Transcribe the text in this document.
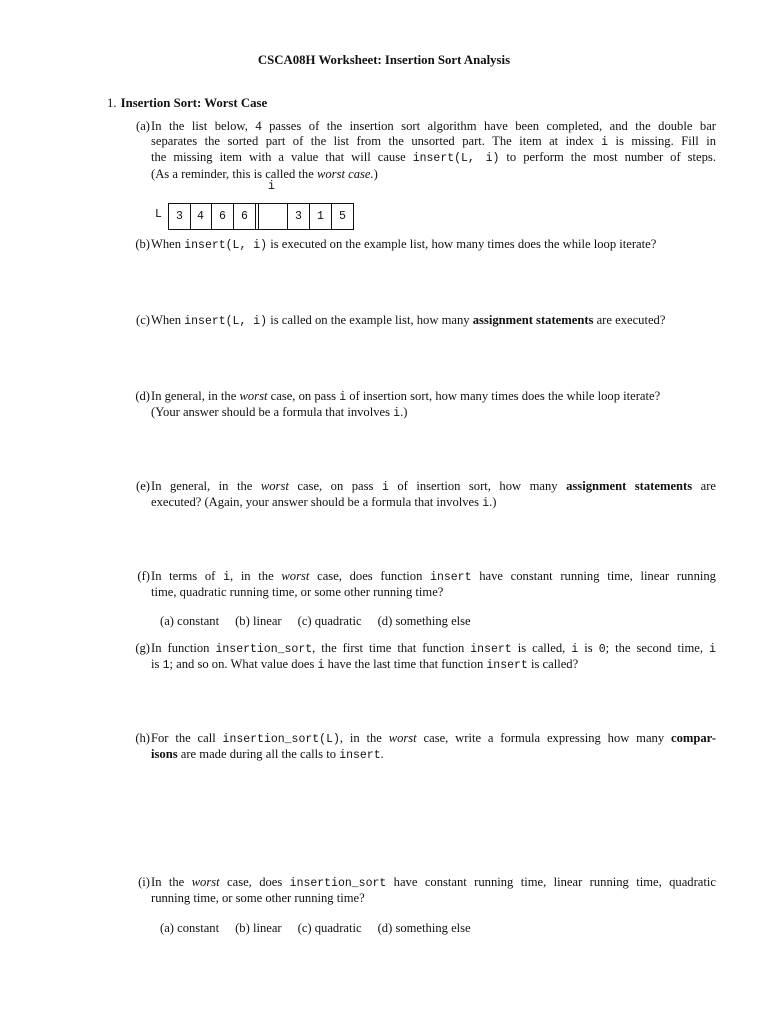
CSCA08H Worksheet: Insertion Sort Analysis
1. Insertion Sort: Worst Case
(a) In the list below, 4 passes of the insertion sort algorithm have been completed, and the double bar
separates the sorted part of the list from the unsorted part. The item at index i is missing. Fill in
the missing item with a value that will cause insert(L, i) to perform the most number of steps.
(As a reminder, this is called the worst case.)
i
L	3	4	6	6	3	1	5
(b) When insert(L, i) is executed on the example list, how many times does the while loop iterate?
(c) When insert(L, i) is called on the example list, how many assignment statements are executed?
(d) In general, in the worst case, on pass i of insertion sort, how many times does the while loop iterate?
(Your answer should be a formula that involves i.)
(e) In general, in the worst case, on pass i of insertion sort, how many assignment statements are
executed? (Again, your answer should be a formula that involves i.)
(f) In terms of i, in the worst case, does function insert have constant running time, linear running
time, quadratic running time, or some other running time?
(a) constant (b) linear (c) quadratic (d) something else
(g) In function insertion_sort, the first time that function insert is called, i is 0; the second time, i
is 1; and so on. What value does i have the last time that function insert is called?
(h) For the call insertion_sort(L), in the worst case, write a formula expressing how many compar-
isons are made during all the calls to insert.
(i) In the worst case, does insertion_sort have constant running time, linear running time, quadratic
running time, or some other running time?
(a) constant (b) linear (c) quadratic (d) something else
